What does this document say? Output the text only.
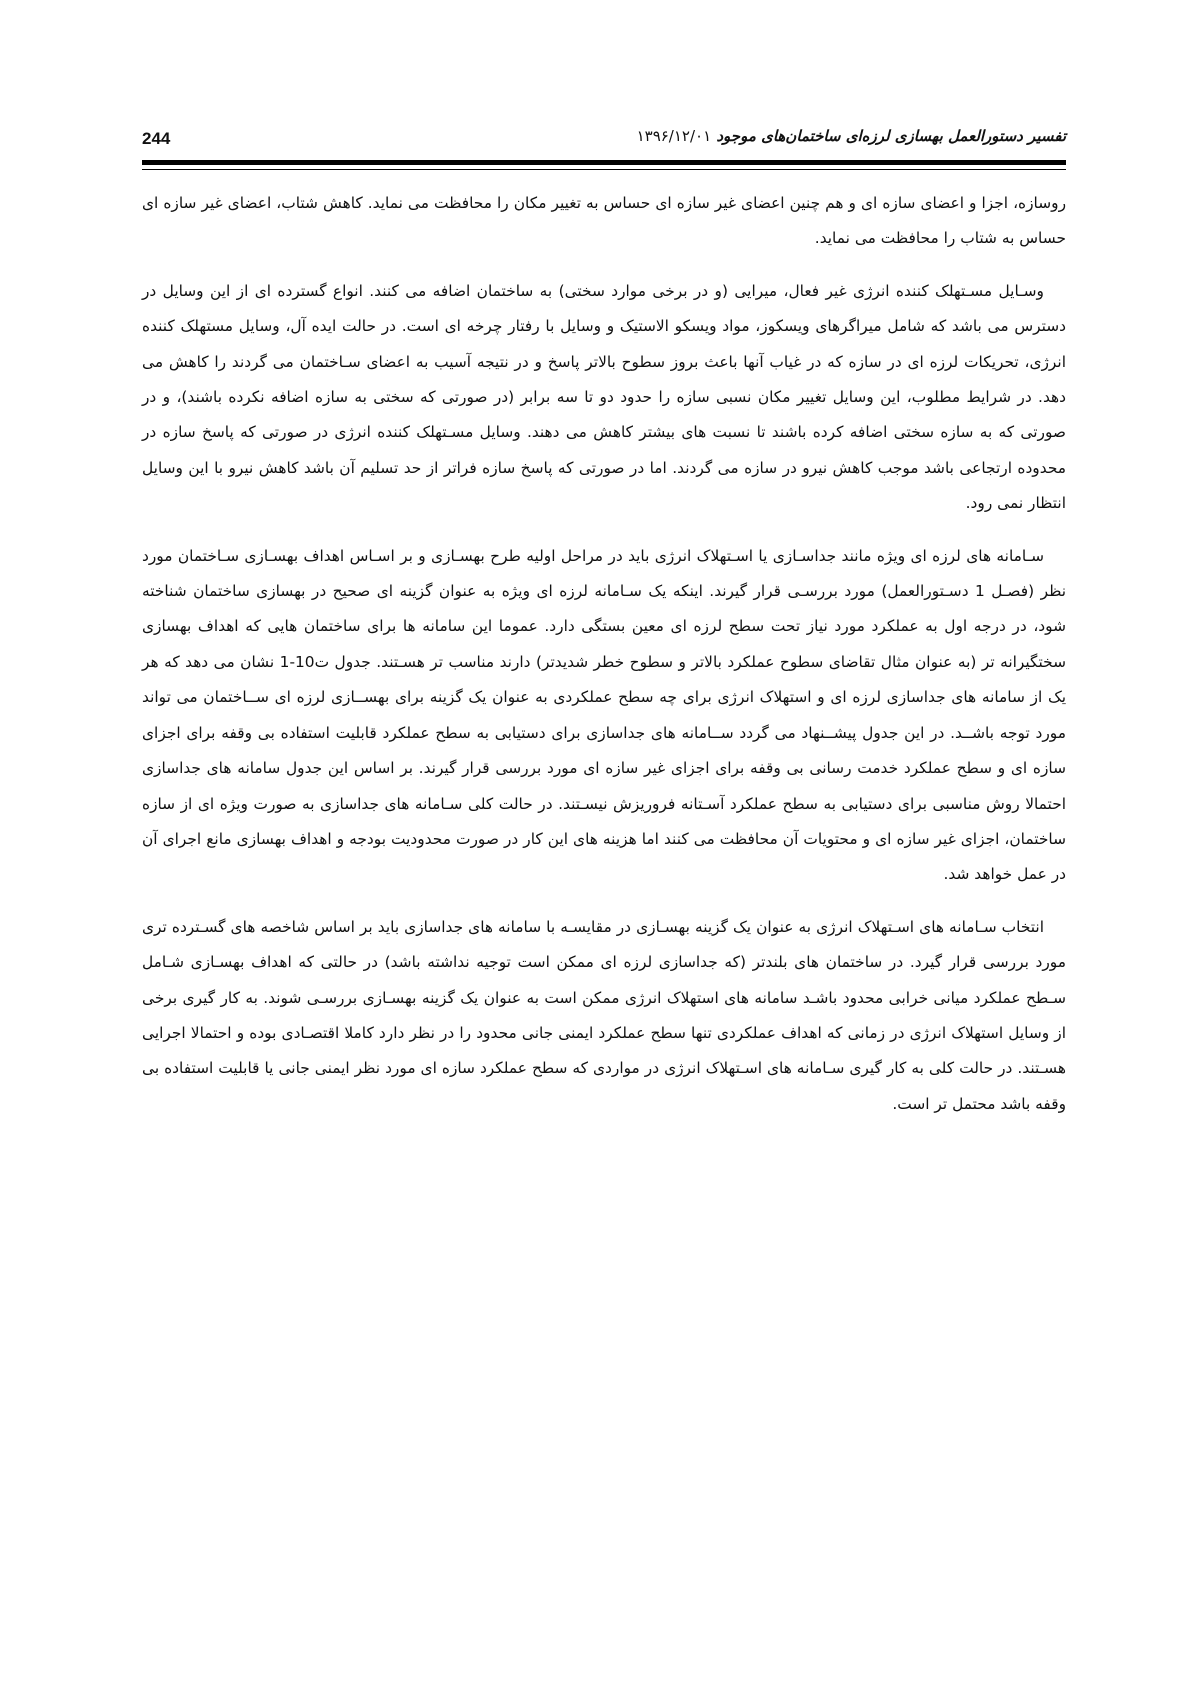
244	تفسیر دستورالعمل بهسازی لرزه‌ای ساختمان‌های موجود ۱۳۹۶/۱۲/۰۱

روسازه، اجزا و اعضای سازه ای و هم چنین اعضای غیر سازه ای حساس به تغییر مکان را محافظت می نماید. کاهش شتاب، اعضای غیر سازه ای حساس به شتاب را محافظت می نماید.

وسـایل مسـتهلک کننده انرژی غیر فعال، میرایی (و در برخی موارد سختی) به ساختمان اضافه می کنند. انواع گسترده ای از این وسایل در دسترس می باشد که شامل میراگرهای ویسکوز، مواد ویسکو الاستیک و وسایل با رفتار چرخه ای است. در حالت ایده آل، وسایل مستهلک کننده انرژی، تحریکات لرزه ای در سازه که در غیاب آنها باعث بروز سطوح بالاتر پاسخ و در نتیجه آسیب به اعضای سـاختمان می گردند را کاهش می دهد. در شرایط مطلوب، این وسایل تغییر مکان نسبی سازه را حدود دو تا سه برابر (در صورتی که سختی به سازه اضافه نکرده باشند)، و در صورتی که به سازه سختی اضافه کرده باشند تا نسبت های بیشتر کاهش می دهند. وسایل مسـتهلک کننده انرژی در صورتی که پاسخ سازه در محدوده ارتجاعی باشد موجب کاهش نیرو در سازه می گردند. اما در صورتی که پاسخ سازه فراتر از حد تسلیم آن باشد کاهش نیرو با این وسایل انتظار نمی رود.

سـامانه های لرزه ای ویژه مانند جداسـازی یا اسـتهلاک انرژی باید در مراحل اولیه طرح بهسـازی و بر اسـاس اهداف بهسـازی سـاختمان مورد نظر (فصـل 1 دسـتورالعمل) مورد بررسـی قرار گیرند. اینکه یک سـامانه لرزه ای ویژه به عنوان گزینه ای صحیح در بهسازی ساختمان شناخته شود، در درجه اول به عملکرد مورد نیاز تحت سطح لرزه ای معین بستگی دارد. عموما این سامانه ها برای ساختمان هایی که اهداف بهسازی سختگیرانه تر (به عنوان مثال تقاضای سطوح عملکرد بالاتر و سطوح خطر شدیدتر) دارند مناسب تر هسـتند. جدول ت10-1 نشان می دهد که هر یک از سامانه های جداسازی لرزه ای و استهلاک انرژی برای چه سطح عملکردی به عنوان یک گزینه برای بهســازی لرزه ای ســاختمان می تواند مورد توجه باشــد. در این جدول پیشــنهاد می گردد ســامانه های جداسازی برای دستیابی به سطح عملکرد قابلیت استفاده بی وقفه برای اجزای سازه ای و سطح عملکرد خدمت رسانی بی وقفه برای اجزای غیر سازه ای مورد بررسی قرار گیرند. بر اساس این جدول سامانه های جداسازی احتمالا روش مناسبی برای دستیابی به سطح عملکرد آسـتانه فروریزش نیسـتند. در حالت کلی سـامانه های جداسازی به صورت ویژه ای از سازه ساختمان، اجزای غیر سازه ای و محتویات آن محافظت می کنند اما هزینه های این کار در صورت محدودیت بودجه و اهداف بهسازی مانع اجرای آن در عمل خواهد شد.

انتخاب سـامانه های اسـتهلاک انرژی به عنوان یک گزینه بهسـازی در مقایسـه با سامانه های جداسازی باید بر اساس شاخصه های گسـترده تری مورد بررسی قرار گیرد. در ساختمان های بلندتر (که جداسازی لرزه ای ممکن است توجیه نداشته باشد) در حالتی که اهداف بهسـازی شـامل سـطح عملکرد میانی خرابی محدود باشـد سامانه های استهلاک انرژی ممکن است به عنوان یک گزینه بهسـازی بررسـی شوند. به کار گیری برخی از وسایل استهلاک انرژی در زمانی که اهداف عملکردی تنها سطح عملکرد ایمنی جانی محدود را در نظر دارد کاملا اقتصـادی بوده و احتمالا اجرایی هسـتند. در حالت کلی به کار گیری سـامانه های اسـتهلاک انرژی در مواردی که سطح عملکرد سازه ای مورد نظر ایمنی جانی یا قابلیت استفاده بی وقفه باشد محتمل تر است.
